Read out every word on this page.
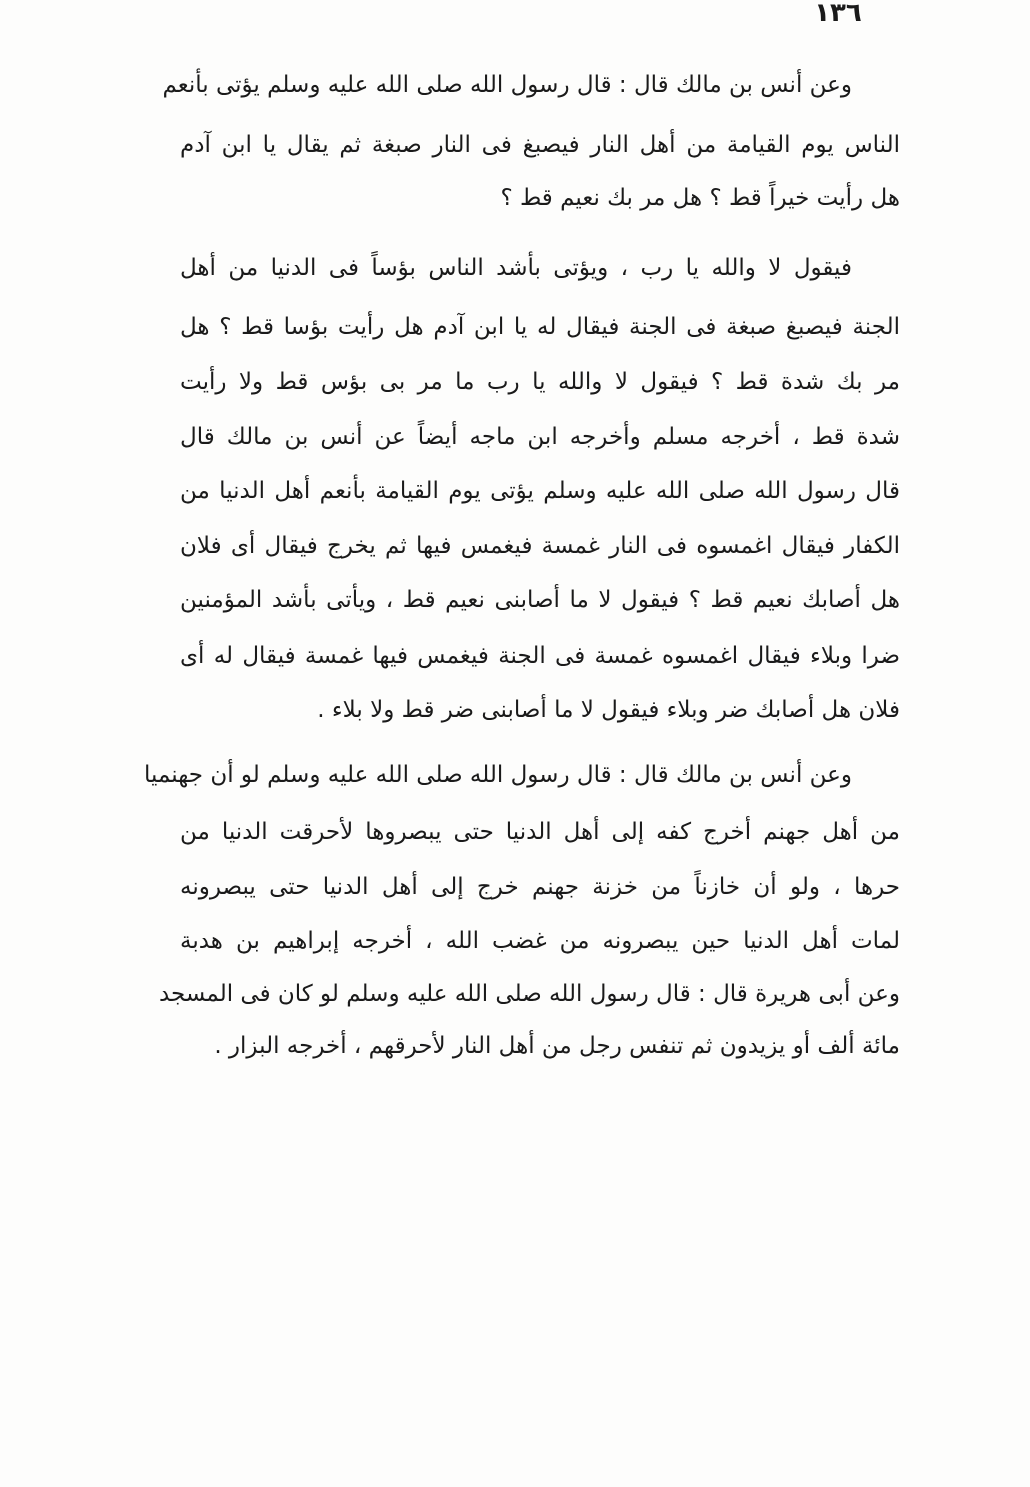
١٣٦
وعن أنس بن مالك قال : قال رسول الله صلى الله عليه وسلم يؤتى بأنعم
الناس يوم القيامة من أهل النار فيصبغ فى النار صبغة ثم يقال يا ابن آدم
هل رأيت خيراً قط ؟ هل مر بك نعيم قط ؟
فيقول لا والله يا رب ، ويؤتى بأشد الناس بؤساً فى الدنيا من أهل
الجنة فيصبغ صبغة فى الجنة فيقال له يا ابن آدم هل رأيت بؤسا قط ؟ هل
مر بك شدة قط ؟ فيقول لا والله يا رب ما مر بى بؤس قط ولا رأيت
شدة قط ، أخرجه مسلم وأخرجه ابن ماجه أيضاً عن أنس بن مالك قال
قال رسول الله صلى الله عليه وسلم يؤتى يوم القيامة بأنعم أهل الدنيا من
الكفار فيقال اغمسوه فى النار غمسة فيغمس فيها ثم يخرج فيقال أى فلان
هل أصابك نعيم قط ؟ فيقول لا ما أصابنى نعيم قط ، ويأتى بأشد المؤمنين
ضرا وبلاء فيقال اغمسوه غمسة فى الجنة فيغمس فيها غمسة فيقال له أى
فلان هل أصابك ضر وبلاء فيقول لا ما أصابنى ضر قط ولا بلاء .
وعن أنس بن مالك قال : قال رسول الله صلى الله عليه وسلم لو أن جهنميا
من أهل جهنم أخرج كفه إلى أهل الدنيا حتى يبصروها لأحرقت الدنيا من
حرها ، ولو أن خازناً من خزنة جهنم خرج إلى أهل الدنيا حتى يبصرونه
لمات أهل الدنيا حين يبصرونه من غضب الله ، أخرجه إبراهيم بن هدبة
وعن أبى هريرة قال : قال رسول الله صلى الله عليه وسلم لو كان فى المسجد
مائة ألف أو يزيدون ثم تنفس رجل من أهل النار لأحرقهم ، أخرجه البزار .
